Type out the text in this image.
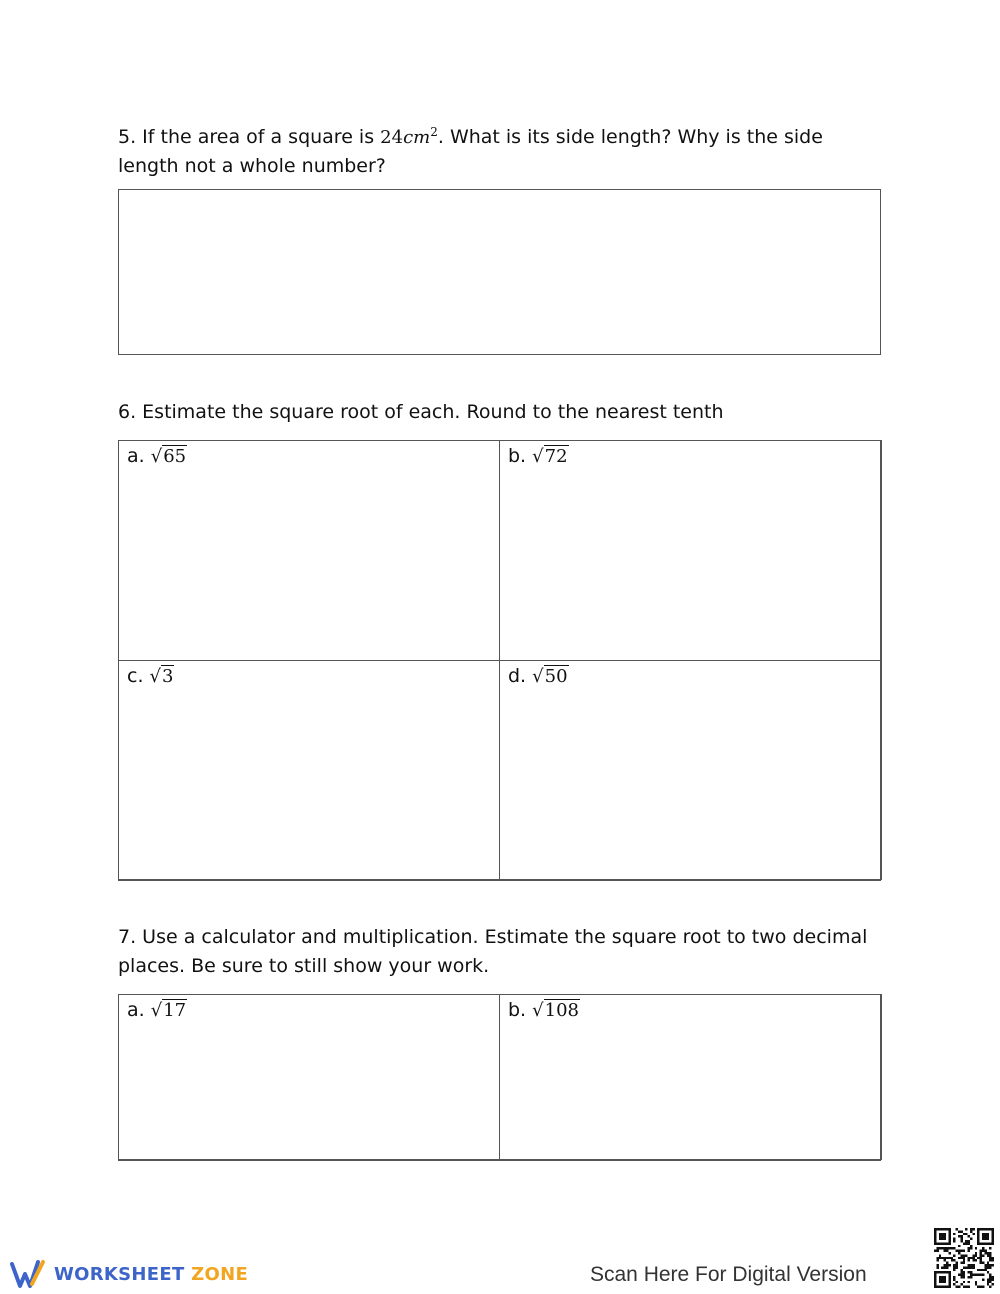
5. If the area of a square is $24cm^2$. What is its side length? Why is the side length not a whole number?

6. Estimate the square root of each. Round to the nearest tenth

a. √65	b. √72
c. √3	d. √50

7. Use a calculator and multiplication. Estimate the square root to two decimal places. Be sure to still show your work.

a. √17	b. √108
WORKSHEET ZONE	Scan Here For Digital Version
